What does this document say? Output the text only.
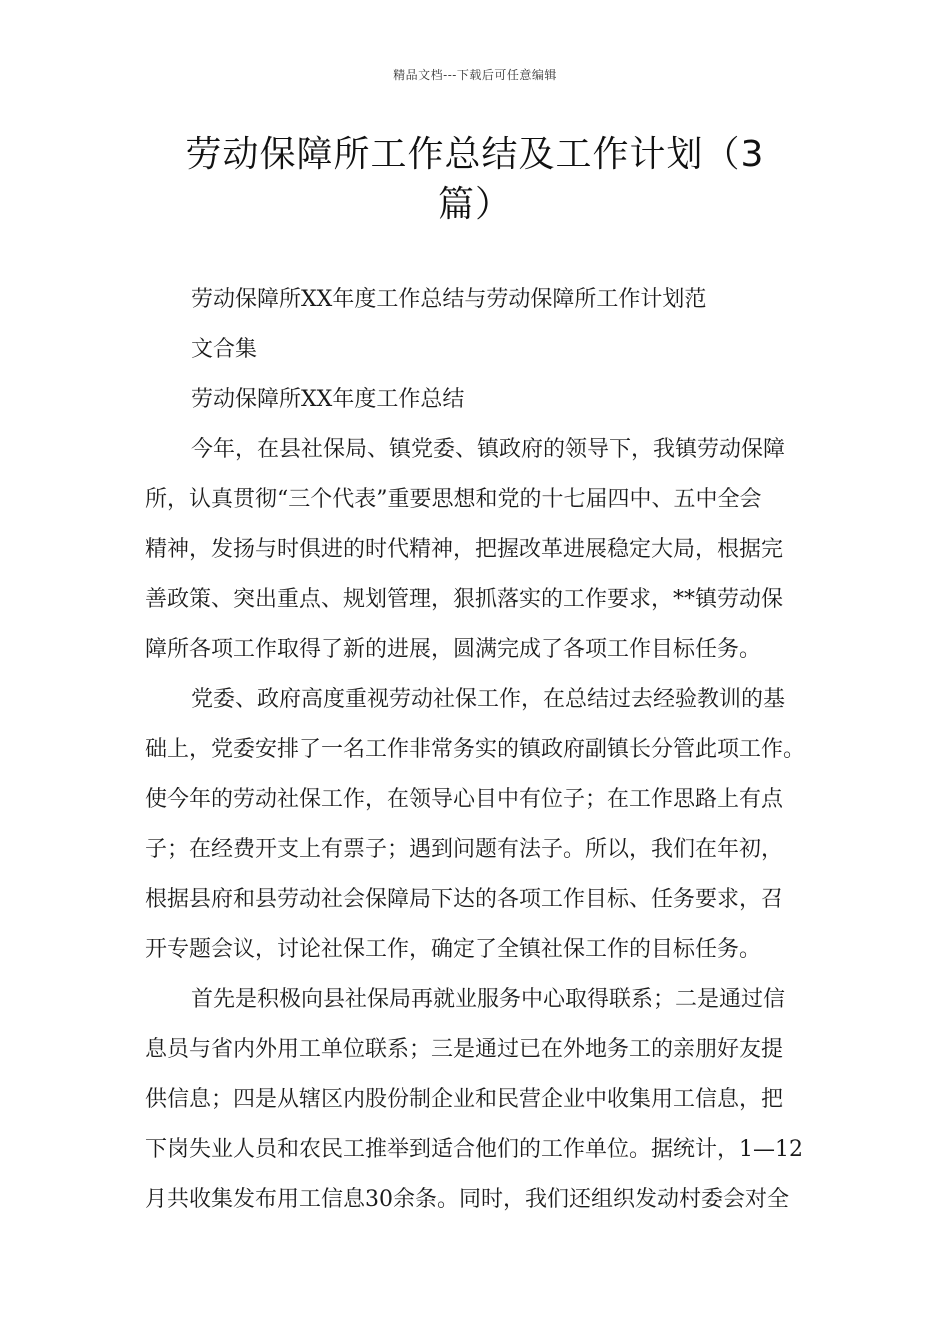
精品文档---下载后可任意编辑
劳动保障所工作总结及工作计划（3
篇）
劳动保障所XX年度工作总结与劳动保障所工作计划范
文合集
劳动保障所XX年度工作总结
今年，在县社保局、镇党委、镇政府的领导下，我镇劳动保障
所，认真贯彻“三个代表”重要思想和党的十七届四中、五中全会
精神，发扬与时俱进的时代精神，把握改革进展稳定大局，根据完
善政策、突出重点、规划管理，狠抓落实的工作要求，**镇劳动保
障所各项工作取得了新的进展，圆满完成了各项工作目标任务。
党委、政府高度重视劳动社保工作，在总结过去经验教训的基
础上，党委安排了一名工作非常务实的镇政府副镇长分管此项工作。
使今年的劳动社保工作，在领导心目中有位子；在工作思路上有点
子；在经费开支上有票子；遇到问题有法子。所以，我们在年初，
根据县府和县劳动社会保障局下达的各项工作目标、任务要求，召
开专题会议，讨论社保工作，确定了全镇社保工作的目标任务。
首先是积极向县社保局再就业服务中心取得联系；二是通过信
息员与省内外用工单位联系；三是通过已在外地务工的亲朋好友提
供信息；四是从辖区内股份制企业和民营企业中收集用工信息，把
下岗失业人员和农民工推举到适合他们的工作单位。据统计，1—12
月共收集发布用工信息30余条。同时，我们还组织发动村委会对全
